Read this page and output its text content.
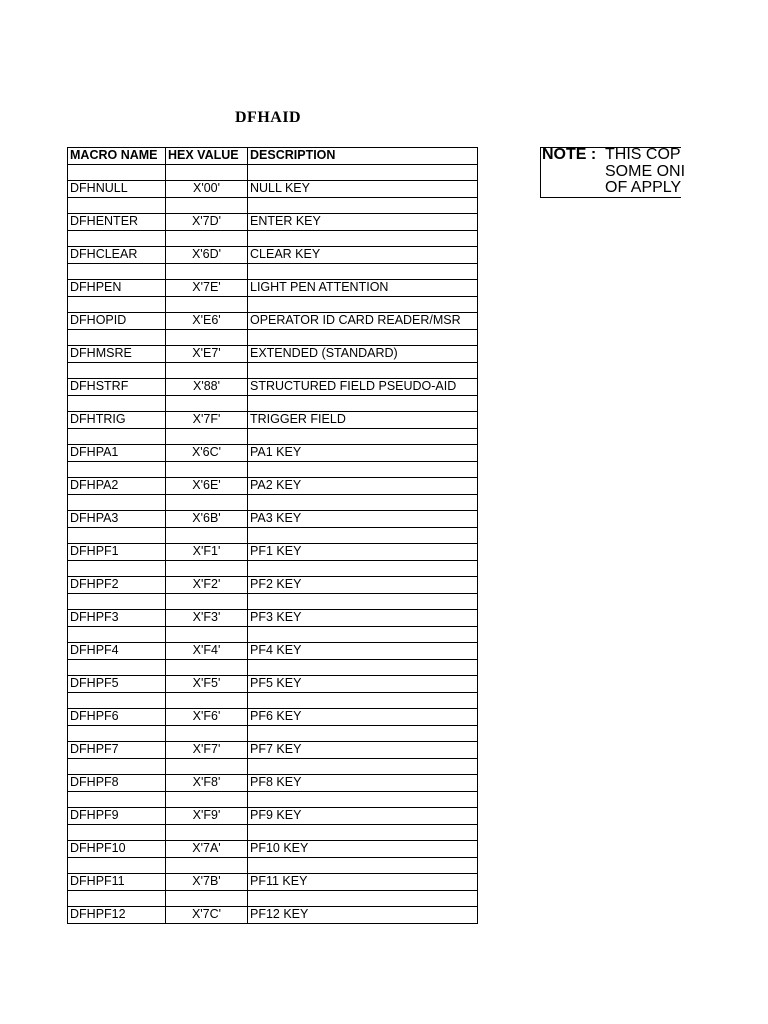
DFHAID
MACRO NAME	HEX VALUE	DESCRIPTION

DFHNULL	X'00'	NULL KEY

DFHENTER	X'7D'	ENTER KEY

DFHCLEAR	X'6D'	CLEAR KEY

DFHPEN	X'7E'	LIGHT PEN ATTENTION

DFHOPID	X'E6'	OPERATOR ID CARD READER/MSR

DFHMSRE	X'E7'	EXTENDED (STANDARD)

DFHSTRF	X'88'	STRUCTURED FIELD PSEUDO-AID

DFHTRIG	X'7F'	TRIGGER FIELD

DFHPA1	X'6C'	PA1 KEY

DFHPA2	X'6E'	PA2 KEY

DFHPA3	X'6B'	PA3 KEY

DFHPF1	X'F1'	PF1 KEY

DFHPF2	X'F2'	PF2 KEY

DFHPF3	X'F3'	PF3 KEY

DFHPF4	X'F4'	PF4 KEY

DFHPF5	X'F5'	PF5 KEY

DFHPF6	X'F6'	PF6 KEY

DFHPF7	X'F7'	PF7 KEY

DFHPF8	X'F8'	PF8 KEY

DFHPF9	X'F9'	PF9 KEY

DFHPF10	X'7A'	PF10 KEY

DFHPF11	X'7B'	PF11 KEY

DFHPF12	X'7C'	PF12 KEY
NOTE : THIS COP
SOME ONI
OF APPLY
